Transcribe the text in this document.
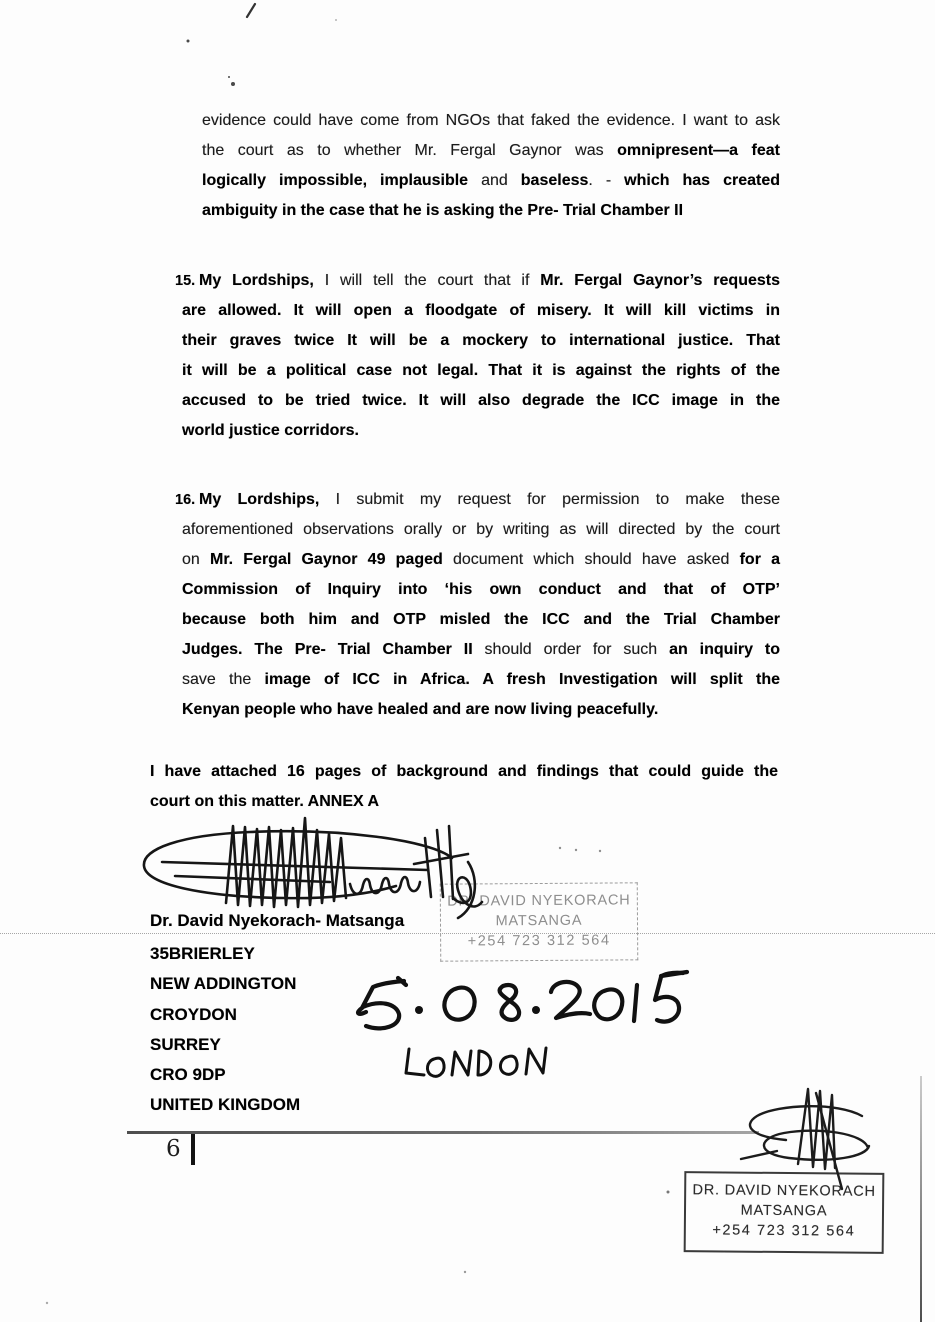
evidence could have come from NGOs that faked the evidence. I want to ask
the court as to whether Mr. Fergal Gaynor was omnipresent—a feat
logically impossible, implausible and baseless. - which has created
ambiguity in the case that he is asking the Pre- Trial Chamber II
15. My Lordships, I will tell the court that if Mr. Fergal Gaynor’s requests
are allowed. It will open a floodgate of misery. It will kill victims in
their graves twice It will be a mockery to international justice. That
it will be a political case not legal. That it is against the rights of the
accused to be tried twice. It will also degrade the ICC image in the
world justice corridors.
16. My Lordships, I submit my request for permission to make these
aforementioned observations orally or by writing as will directed by the court
on Mr. Fergal Gaynor 49 paged document which should have asked for a
Commission of Inquiry into ‘his own conduct and that of OTP’
because both him and OTP misled the ICC and the Trial Chamber
Judges. The Pre- Trial Chamber II should order for such an inquiry to
save the image of ICC in Africa. A fresh Investigation will split the
Kenyan people who have healed and are now living peacefully.
I have attached 16 pages of background and findings that could guide the
court on this matter. ANNEX A
Dr. David Nyekorach- Matsanga
35BRIERLEY
NEW ADDINGTON
CROYDON
SURREY
CRO 9DP
UNITED KINGDOM
DR. DAVID NYEKORACH
MATSANGA
+254 723 312 564
DR. DAVID NYEKORACH
MATSANGA
+254 723 312 564
6
